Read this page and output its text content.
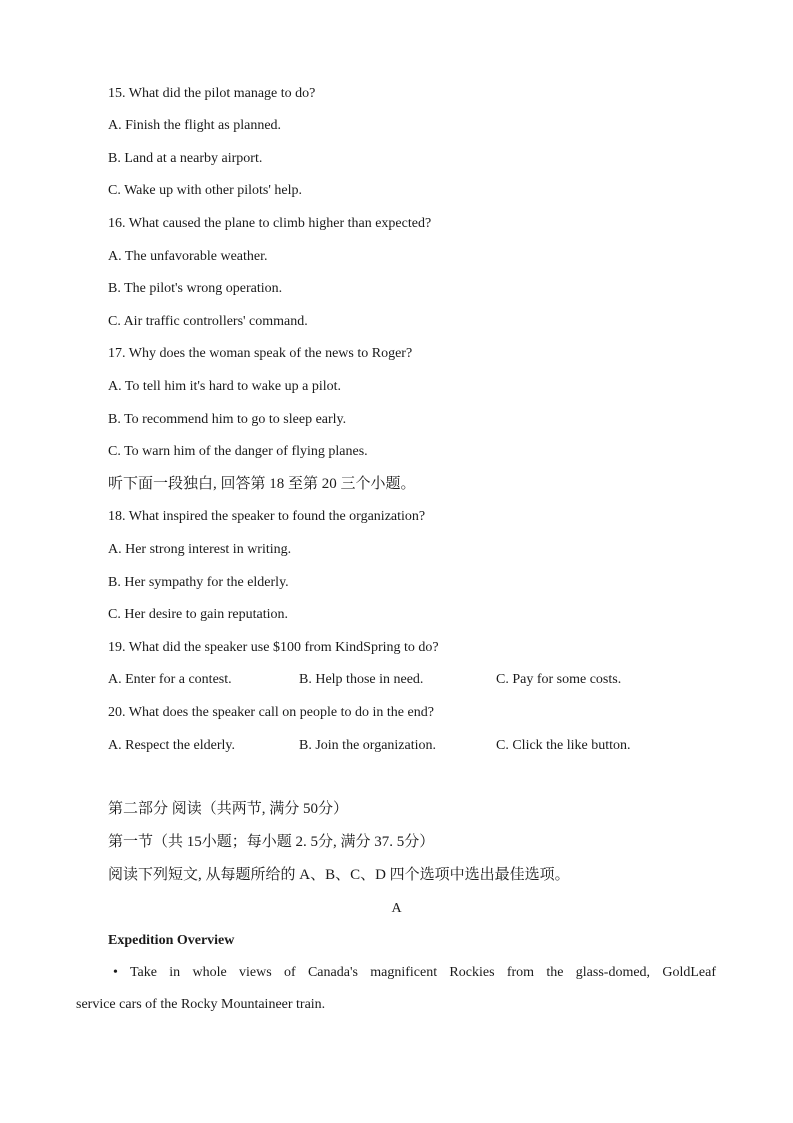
15. What did the pilot manage to do?
A. Finish the flight as planned.
B. Land at a nearby airport.
C. Wake up with other pilots' help.
16. What caused the plane to climb higher than expected?
A. The unfavorable weather.
B. The pilot's wrong operation.
C. Air traffic controllers' command.
17. Why does the woman speak of the news to Roger?
A. To tell him it's hard to wake up a pilot.
B. To recommend him to go to sleep early.
C. To warn him of the danger of flying planes.
听下面一段独白, 回答第 18 至第 20 三个小题。
18. What inspired the speaker to found the organization?
A. Her strong interest in writing.
B. Her sympathy for the elderly.
C. Her desire to gain reputation.
19. What did the speaker use $100 from KindSpring to do?
A. Enter for a contest.	B. Help those in need.	C. Pay for some costs.
20. What does the speaker call on people to do in the end?
A. Respect the elderly.	B. Join the organization.	C. Click the like button.
第二部分 阅读（共两节, 满分 50分）
第一节（共 15小题；每小题 2. 5分, 满分 37. 5分）
阅读下列短文, 从每题所给的 A、B、C、D 四个选项中选出最佳选项。
A
Expedition Overview
• Take in whole views of Canada's magnificent Rockies from the glass-domed, GoldLeaf
service cars of the Rocky Mountaineer train.
